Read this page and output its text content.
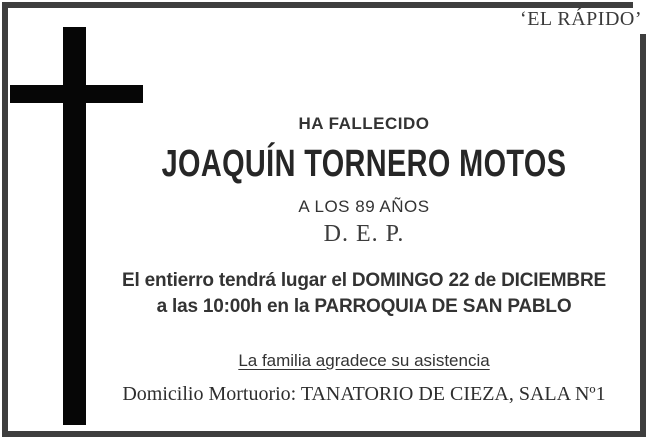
‘EL RÁPIDO’
HA FALLECIDO
JOAQUÍN TORNERO MOTOS
A LOS 89 AÑOS
D. E. P.
El entierro tendrá lugar el DOMINGO 22 de DICIEMBRE
a las 10:00h en la PARROQUIA DE SAN PABLO
La familia agradece su asistencia
Domicilio Mortuorio: TANATORIO DE CIEZA, SALA Nº1
